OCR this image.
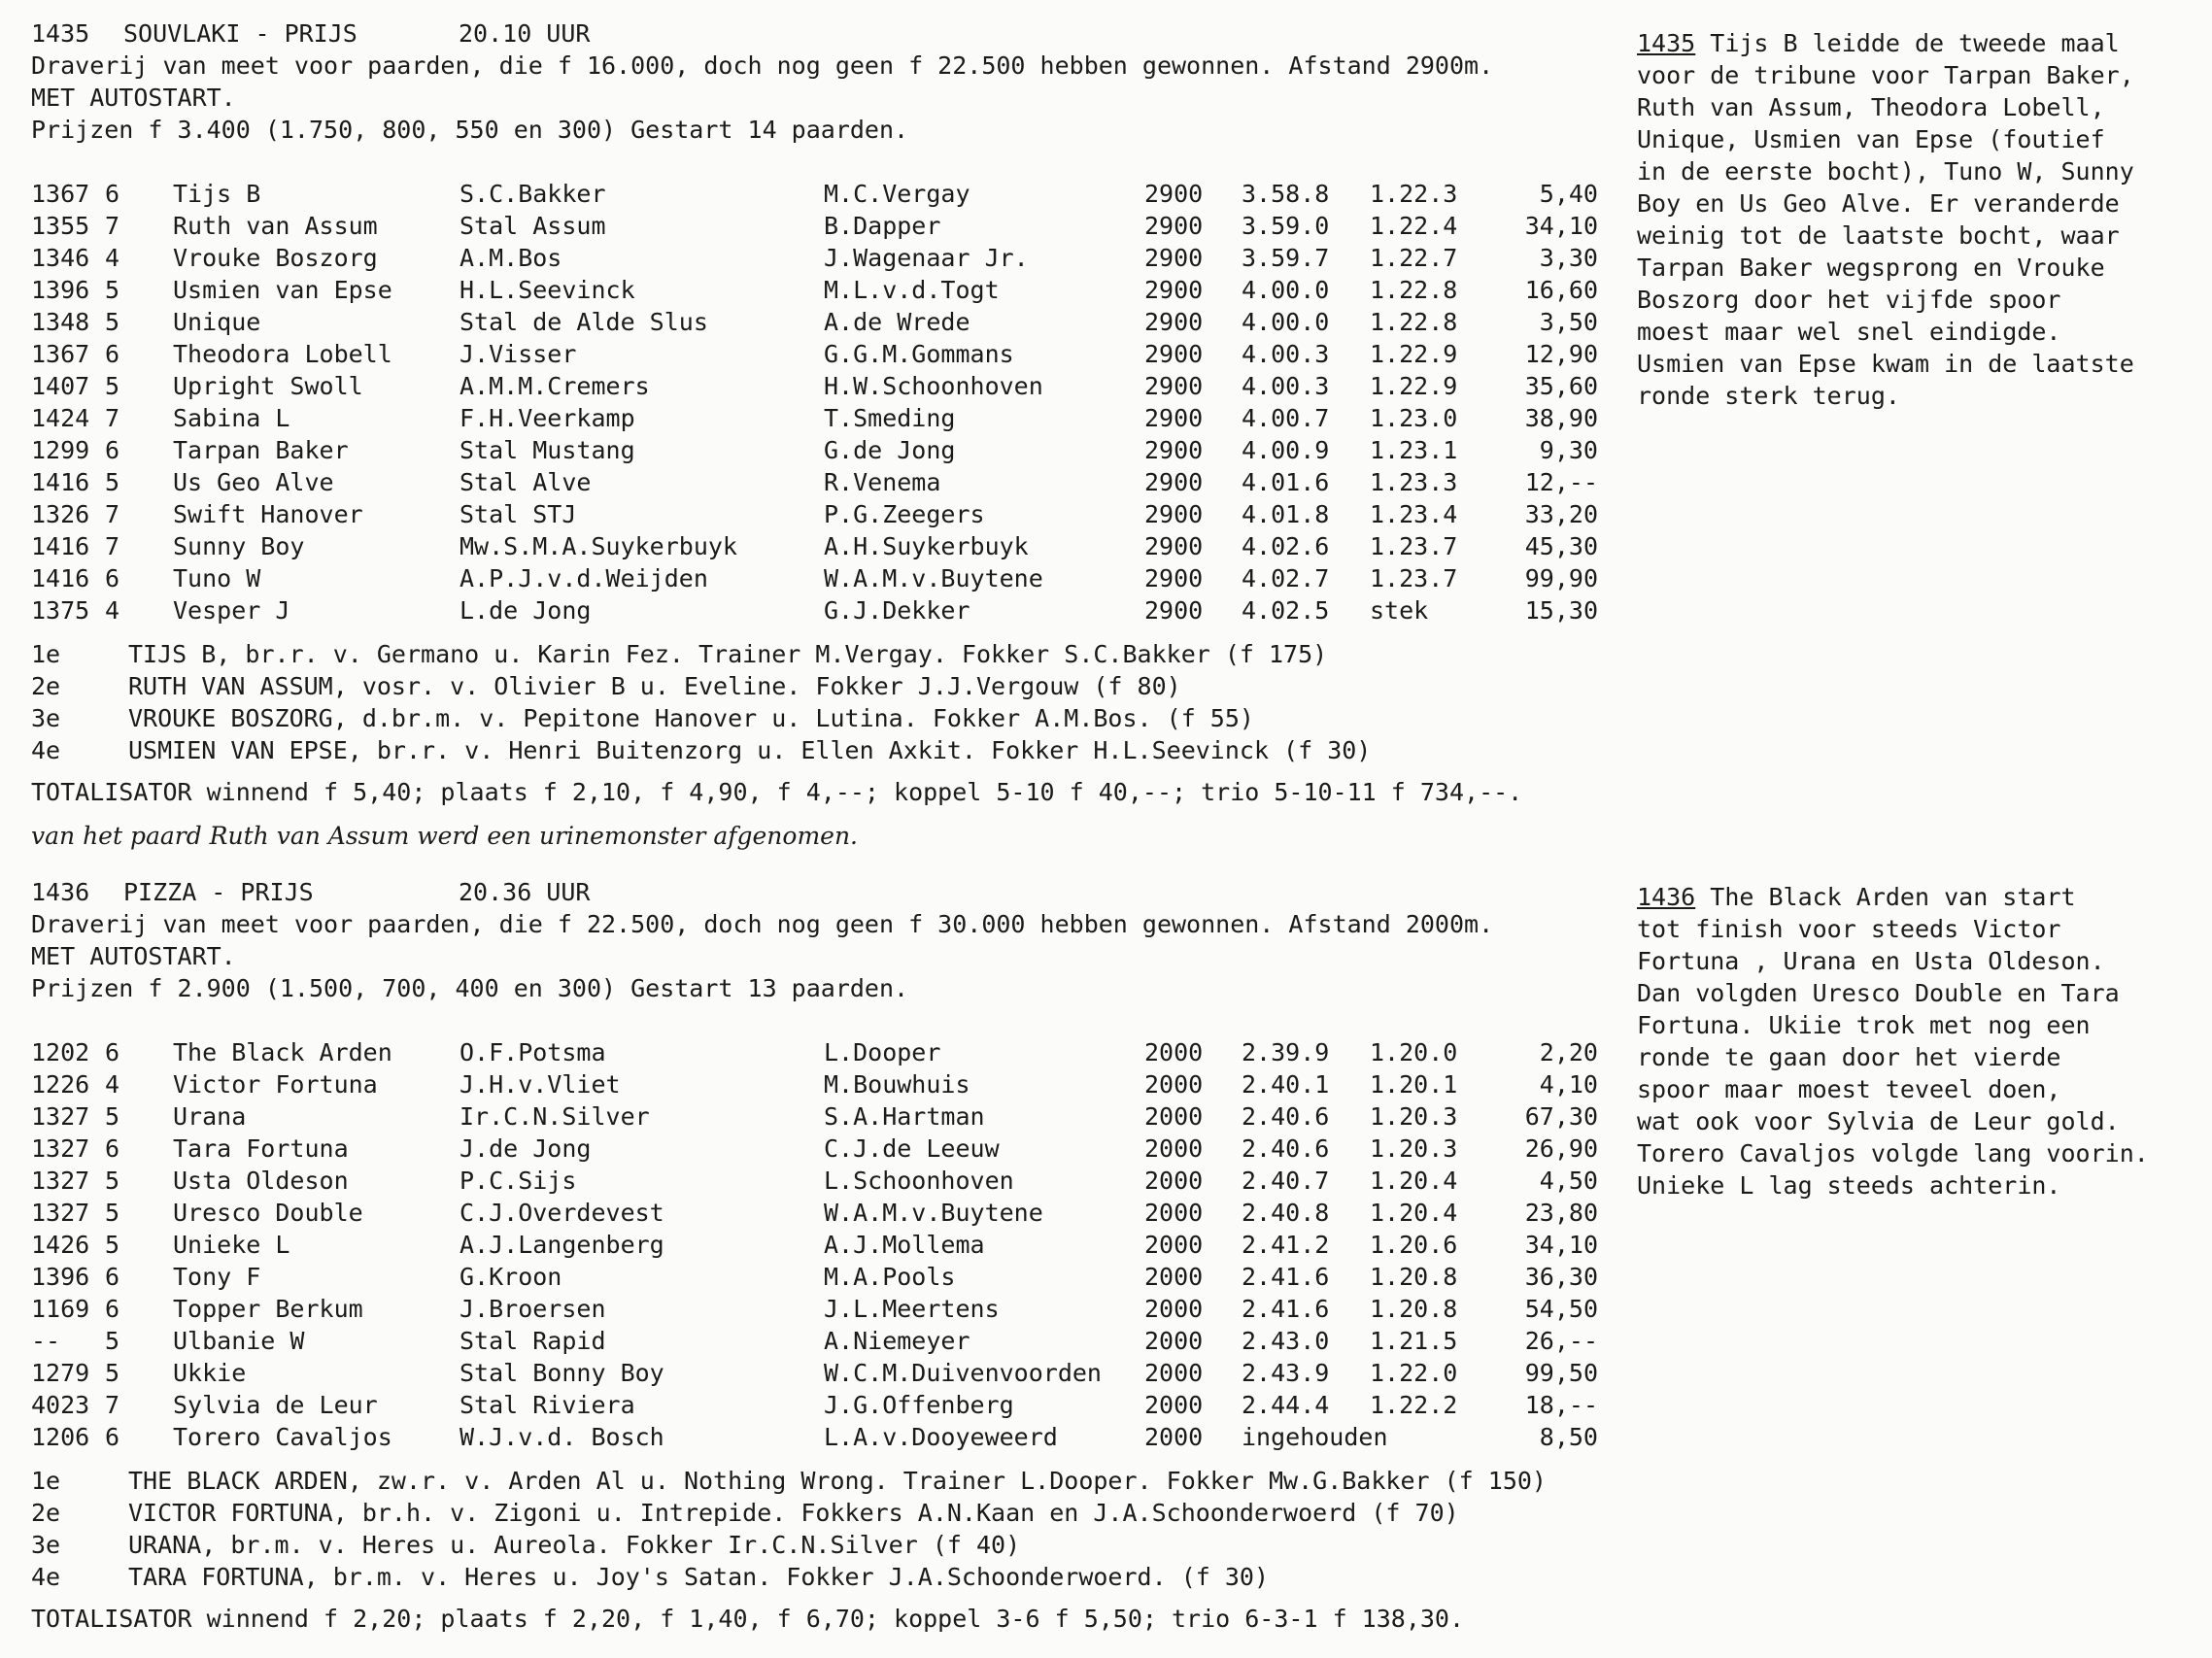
1435	SOUVLAKI - PRIJS	20.10 UUR
Draverij van meet voor paarden, die f 16.000, doch nog geen f 22.500 hebben gewonnen. Afstand 2900m.
MET AUTOSTART.
Prijzen f 3.400 (1.750, 800, 550 en 300) Gestart 14 paarden.
1367 6	Tijs B	S.C.Bakker	M.C.Vergay	2900	3.58.8	1.22.3	5,40
1355 7	Ruth van Assum	Stal Assum	B.Dapper	2900	3.59.0	1.22.4	34,10
1346 4	Vrouke Boszorg	A.M.Bos	J.Wagenaar Jr.	2900	3.59.7	1.22.7	3,30
1396 5	Usmien van Epse	H.L.Seevinck	M.L.v.d.Togt	2900	4.00.0	1.22.8	16,60
1348 5	Unique	Stal de Alde Slus	A.de Wrede	2900	4.00.0	1.22.8	3,50
1367 6	Theodora Lobell	J.Visser	G.G.M.Gommans	2900	4.00.3	1.22.9	12,90
1407 5	Upright Swoll	A.M.M.Cremers	H.W.Schoonhoven	2900	4.00.3	1.22.9	35,60
1424 7	Sabina L	F.H.Veerkamp	T.Smeding	2900	4.00.7	1.23.0	38,90
1299 6	Tarpan Baker	Stal Mustang	G.de Jong	2900	4.00.9	1.23.1	9,30
1416 5	Us Geo Alve	Stal Alve	R.Venema	2900	4.01.6	1.23.3	12,--
1326 7	Swift Hanover	Stal STJ	P.G.Zeegers	2900	4.01.8	1.23.4	33,20
1416 7	Sunny Boy	Mw.S.M.A.Suykerbuyk	A.H.Suykerbuyk	2900	4.02.6	1.23.7	45,30
1416 6	Tuno W	A.P.J.v.d.Weijden	W.A.M.v.Buytene	2900	4.02.7	1.23.7	99,90
1375 4	Vesper J	L.de Jong	G.J.Dekker	2900	4.02.5	stek	15,30
1e	TIJS B, br.r. v. Germano u. Karin Fez. Trainer M.Vergay. Fokker S.C.Bakker (f 175)
2e	RUTH VAN ASSUM, vosr. v. Olivier B u. Eveline. Fokker J.J.Vergouw (f 80)
3e	VROUKE BOSZORG, d.br.m. v. Pepitone Hanover u. Lutina. Fokker A.M.Bos. (f 55)
4e	USMIEN VAN EPSE, br.r. v. Henri Buitenzorg u. Ellen Axkit. Fokker H.L.Seevinck (f 30)
TOTALISATOR winnend f 5,40; plaats f 2,10, f 4,90, f 4,--; koppel 5-10 f 40,--; trio 5-10-11 f 734,--.
van het paard Ruth van Assum werd een urinemonster afgenomen.
1435 Tijs B leidde de tweede maal
voor de tribune voor Tarpan Baker,
Ruth van Assum, Theodora Lobell,
Unique, Usmien van Epse (foutief
in de eerste bocht), Tuno W, Sunny
Boy en Us Geo Alve. Er veranderde
weinig tot de laatste bocht, waar
Tarpan Baker wegsprong en Vrouke
Boszorg door het vijfde spoor
moest maar wel snel eindigde.
Usmien van Epse kwam in de laatste
ronde sterk terug.
1436	PIZZA - PRIJS	20.36 UUR
Draverij van meet voor paarden, die f 22.500, doch nog geen f 30.000 hebben gewonnen. Afstand 2000m.
MET AUTOSTART.
Prijzen f 2.900 (1.500, 700, 400 en 300) Gestart 13 paarden.
1202 6	The Black Arden	O.F.Potsma	L.Dooper	2000	2.39.9	1.20.0	2,20
1226 4	Victor Fortuna	J.H.v.Vliet	M.Bouwhuis	2000	2.40.1	1.20.1	4,10
1327 5	Urana	Ir.C.N.Silver	S.A.Hartman	2000	2.40.6	1.20.3	67,30
1327 6	Tara Fortuna	J.de Jong	C.J.de Leeuw	2000	2.40.6	1.20.3	26,90
1327 5	Usta Oldeson	P.C.Sijs	L.Schoonhoven	2000	2.40.7	1.20.4	4,50
1327 5	Uresco Double	C.J.Overdevest	W.A.M.v.Buytene	2000	2.40.8	1.20.4	23,80
1426 5	Unieke L	A.J.Langenberg	A.J.Mollema	2000	2.41.2	1.20.6	34,10
1396 6	Tony F	G.Kroon	M.A.Pools	2000	2.41.6	1.20.8	36,30
1169 6	Topper Berkum	J.Broersen	J.L.Meertens	2000	2.41.6	1.20.8	54,50
--	5	Ulbanie W	Stal Rapid	A.Niemeyer	2000	2.43.0	1.21.5	26,--
1279 5	Ukkie	Stal Bonny Boy	W.C.M.Duivenvoorden	2000	2.43.9	1.22.0	99,50
4023 7	Sylvia de Leur	Stal Riviera	J.G.Offenberg	2000	2.44.4	1.22.2	18,--
1206 6	Torero Cavaljos	W.J.v.d. Bosch	L.A.v.Dooyeweerd	2000	ingehouden	8,50
1e	THE BLACK ARDEN, zw.r. v. Arden Al u. Nothing Wrong. Trainer L.Dooper. Fokker Mw.G.Bakker (f 150)
2e	VICTOR FORTUNA, br.h. v. Zigoni u. Intrepide. Fokkers A.N.Kaan en J.A.Schoonderwoerd (f 70)
3e	URANA, br.m. v. Heres u. Aureola. Fokker Ir.C.N.Silver (f 40)
4e	TARA FORTUNA, br.m. v. Heres u. Joy's Satan. Fokker J.A.Schoonderwoerd. (f 30)
TOTALISATOR winnend f 2,20; plaats f 2,20, f 1,40, f 6,70; koppel 3-6 f 5,50; trio 6-3-1 f 138,30.
1436 The Black Arden van start
tot finish voor steeds Victor
Fortuna , Urana en Usta Oldeson.
Dan volgden Uresco Double en Tara
Fortuna. Ukiie trok met nog een
ronde te gaan door het vierde
spoor maar moest teveel doen,
wat ook voor Sylvia de Leur gold.
Torero Cavaljos volgde lang voorin.
Unieke L lag steeds achterin.
